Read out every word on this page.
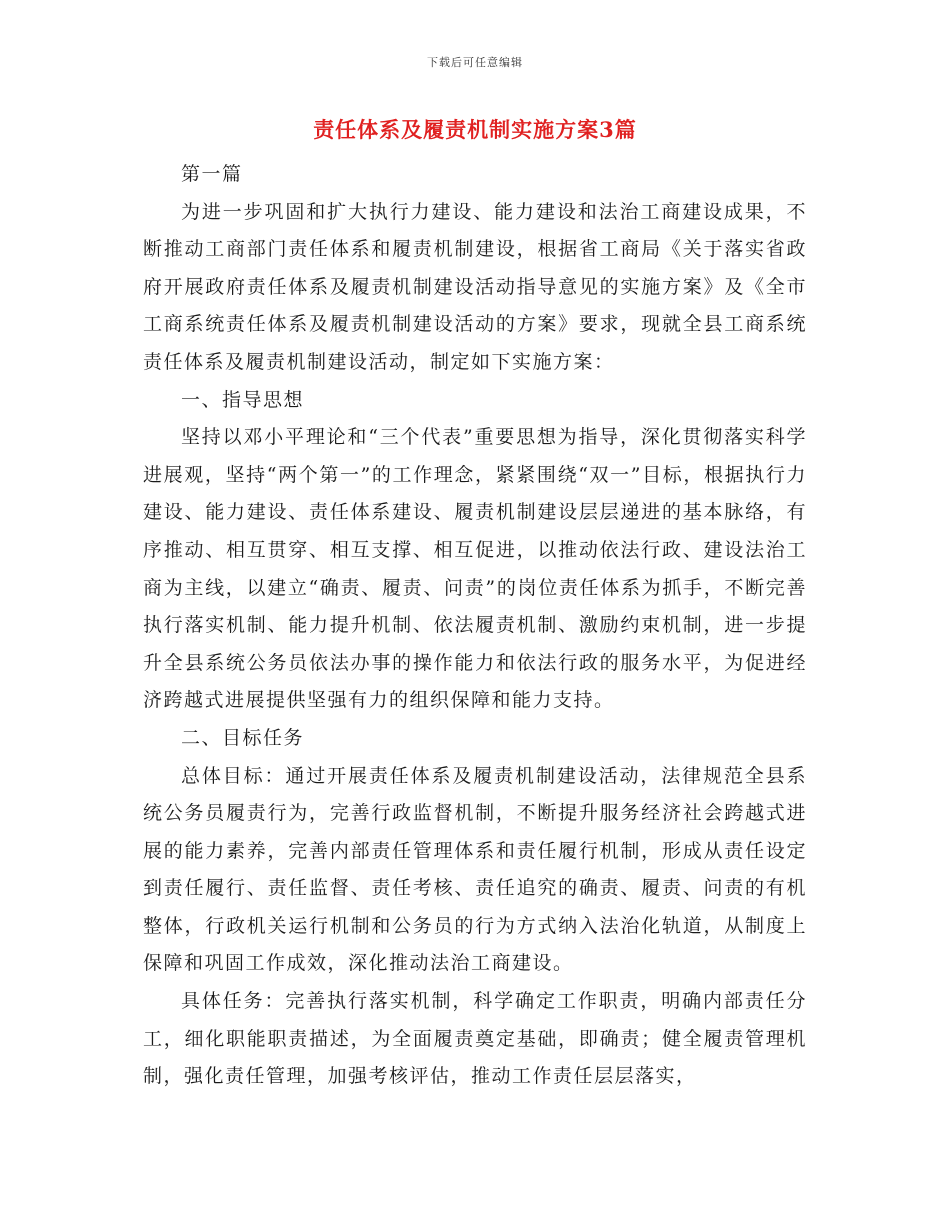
下载后可任意编辑
责任体系及履责机制实施方案3篇

第一篇

为进一步巩固和扩大执行力建设、能力建设和法治工商建设成果，不断推动工商部门责任体系和履责机制建设，根据省工商局《关于落实省政府开展政府责任体系及履责机制建设活动指导意见的实施方案》及《全市工商系统责任体系及履责机制建设活动的方案》要求，现就全县工商系统责任体系及履责机制建设活动，制定如下实施方案：

一、指导思想

坚持以邓小平理论和“三个代表”重要思想为指导，深化贯彻落实科学进展观，坚持“两个第一”的工作理念，紧紧围绕“双一”目标，根据执行力建设、能力建设、责任体系建设、履责机制建设层层递进的基本脉络，有序推动、相互贯穿、相互支撑、相互促进，以推动依法行政、建设法治工商为主线，以建立“确责、履责、问责”的岗位责任体系为抓手，不断完善执行落实机制、能力提升机制、依法履责机制、激励约束机制，进一步提升全县系统公务员依法办事的操作能力和依法行政的服务水平，为促进经济跨越式进展提供坚强有力的组织保障和能力支持。

二、目标任务

总体目标：通过开展责任体系及履责机制建设活动，法律规范全县系统公务员履责行为，完善行政监督机制，不断提升服务经济社会跨越式进展的能力素养，完善内部责任管理体系和责任履行机制，形成从责任设定到责任履行、责任监督、责任考核、责任追究的确责、履责、问责的有机整体，行政机关运行机制和公务员的行为方式纳入法治化轨道，从制度上保障和巩固工作成效，深化推动法治工商建设。

具体任务：完善执行落实机制，科学确定工作职责，明确内部责任分工，细化职能职责描述，为全面履责奠定基础，即确责；健全履责管理机制，强化责任管理，加强考核评估，推动工作责任层层落实，
